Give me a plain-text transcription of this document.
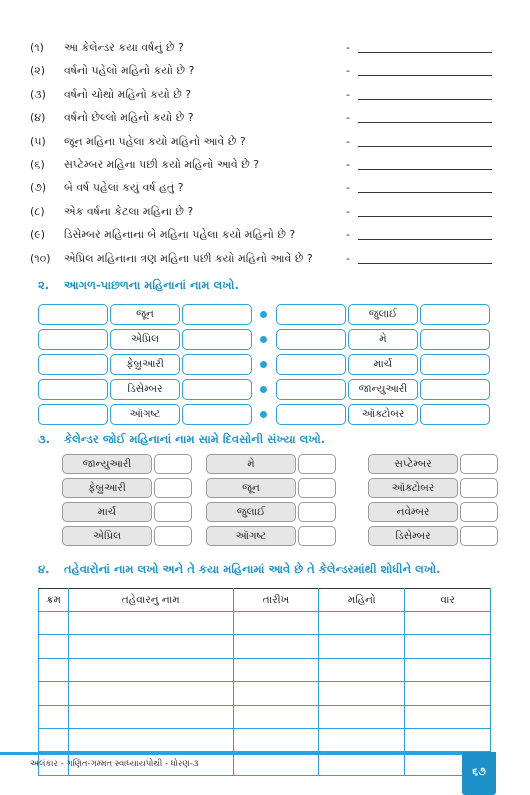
(૧) આ કેલેન્ડર કયા વર્ષનું છે ?	-
(૨) વર્ષનો પહેલો મહિનો કયો છે ?	-
(૩) વર્ષનો ચોથો મહિનો કયો છે ?	-
(૪) વર્ષનો છેલ્લો મહિનો કયો છે ?	-
(૫) જૂન મહિના પહેલા કયો મહિનો આવે છે ?	-
(૬) સપ્ટેમ્બર મહિના પછી કયો મહિનો આવે છે ?	-
(૭) બે વર્ષ પહેલાં કયું વર્ષ હતું ?	-
(૮) એક વર્ષના કેટલા મહિના છે ?	-
(૯) ડિસેમ્બર મહિનાના બે મહિના પહેલા કયો મહિનો છે ?	-
(૧૦) એપ્રિલ મહિનાના ત્રણ મહિના પછી કયો મહિનો આવે છે ?	-
૨. આગળ-પાછળના મહિનાનાં નામ લખો.
જૂન	જુલાઈ
એપ્રિલ	મે
ફેબ્રુઆરી	માર્ચ
ડિસેમ્બર	જાન્યુઆરી
ઑગષ્ટ	ઑક્ટોબર
૩. કેલેન્ડર જોઈ મહિનાનાં નામ સામે દિવસોની સંખ્યા લખો.
જાન્યુઆરી	મે	સપ્ટેમ્બર
ફેબ્રુઆરી	જૂન	ઑક્ટોબર
માર્ચ	જુલાઈ	નવેમ્બર
એપ્રિલ	ઑગષ્ટ	ડિસેમ્બર
૪. તહેવારોનાં નામ લખો અને તે કયા મહિનામાં આવે છે તે કેલેન્ડરમાંથી શોધીને લખો.
ક્રમ	તહેવારનું નામ	તારીખ	મહિનો	વાર

અલંકાર - ગણિત-ગમ્મત સ્વાધ્યાયપોથી - ધોરણ-૩
૬૭
